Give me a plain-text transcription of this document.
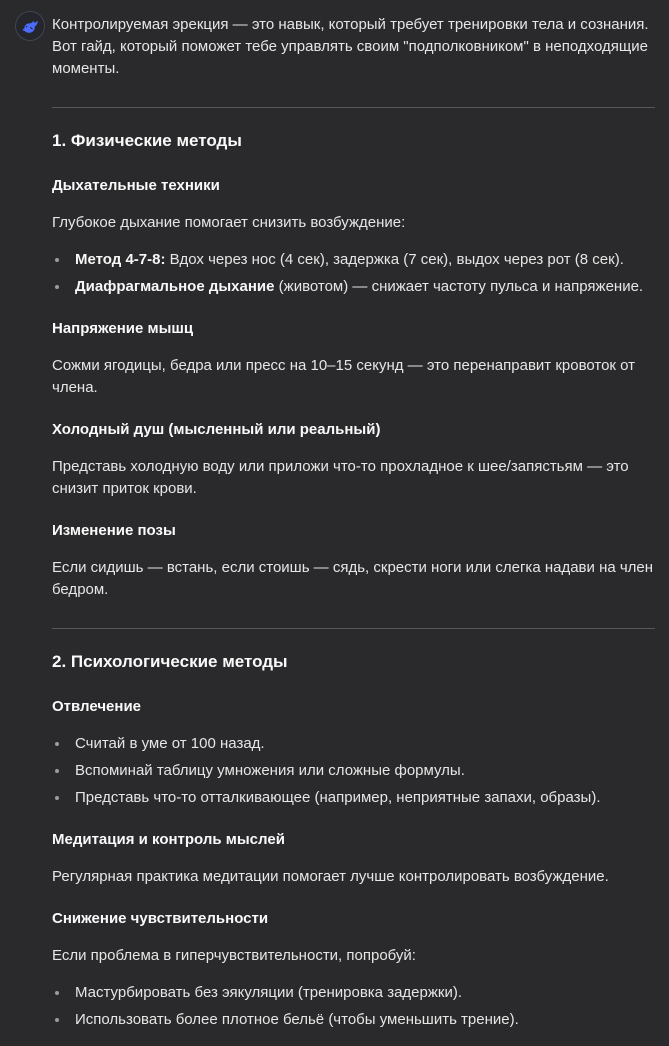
Контролируемая эрекция — это навык, который требует тренировки тела и сознания. Вот гайд, который поможет тебе управлять своим "подполковником" в неподходящие моменты.

1. Физические методы
Дыхательные техники

Глубокое дыхание помогает снизить возбуждение:

Метод 4-7-8: Вдох через нос (4 сек), задержка (7 сек), выдох через рот (8 сек).
Диафрагмальное дыхание (животом) — снижает частоту пульса и напряжение.
Напряжение мышц

Сожми ягодицы, бедра или пресс на 10–15 секунд — это перенаправит кровоток от члена.

Холодный душ (мысленный или реальный)

Представь холодную воду или приложи что-то прохладное к шее/запястьям — это снизит приток крови.

Изменение позы

Если сидишь — встань, если стоишь — сядь, скрести ноги или слегка надави на член бедром.

2. Психологические методы
Отвлечение
Считай в уме от 100 назад.
Вспоминай таблицу умножения или сложные формулы.
Представь что-то отталкивающее (например, неприятные запахи, образы).
Медитация и контроль мыслей

Регулярная практика медитации помогает лучше контролировать возбуждение.

Снижение чувствительности

Если проблема в гиперчувствительности, попробуй:

Мастурбировать без эякуляции (тренировка задержки).
Использовать более плотное бельё (чтобы уменьшить трение).
